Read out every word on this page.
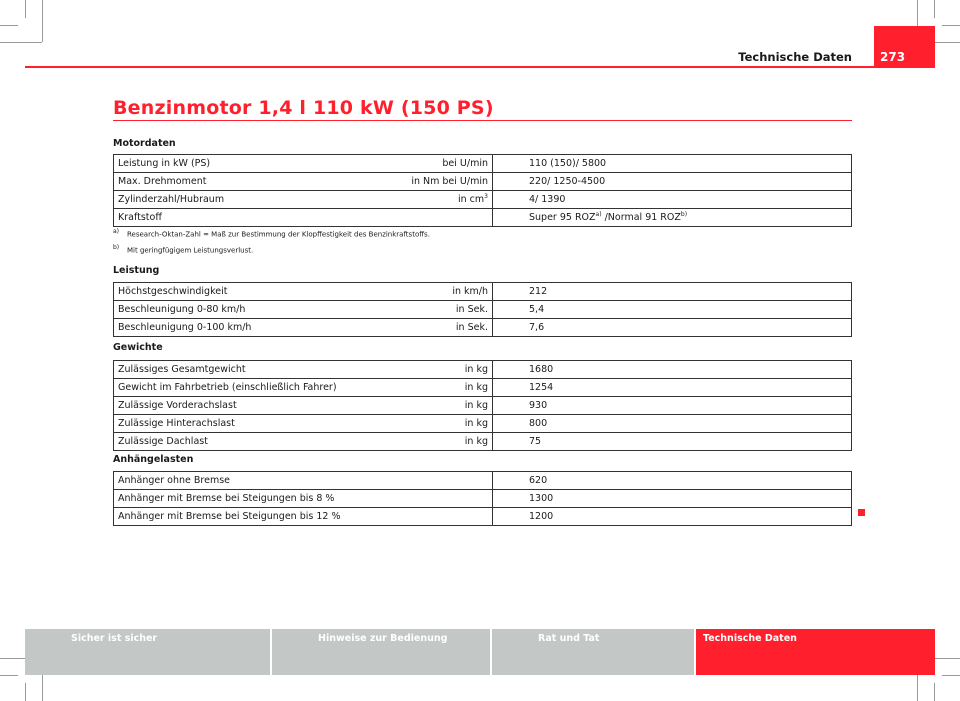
Technische Daten	273
Benzinmotor 1,4 l 110 kW (150 PS)
Motordaten
Leistung in kW (PS)	bei U/min	110 (150)/ 5800
Max. Drehmoment	in Nm bei U/min	220/ 1250-4500
Zylinderzahl/Hubraum	in $cm^3$	4/ 1390
Kraftstoff		Super 95 ROZ$^{a)}$ /Normal 91 ROZ$^{b)}$
a) Research-Oktan-Zahl = Maß zur Bestimmung der Klopffestigkeit des Benzinkraftstoffs.
b) Mit geringfügigem Leistungsverlust.
Leistung
Höchstgeschwindigkeit	in km/h	212
Beschleunigung 0-80 km/h	in Sek.	5,4
Beschleunigung 0-100 km/h	in Sek.	7,6
Gewichte
Zulässiges Gesamtgewicht	in kg	1680
Gewicht im Fahrbetrieb (einschließlich Fahrer)	in kg	1254
Zulässige Vorderachslast	in kg	930
Zulässige Hinterachslast	in kg	800
Zulässige Dachlast	in kg	75
Anhängelasten
Anhänger ohne Bremse	620
Anhänger mit Bremse bei Steigungen bis 8 %	1300
Anhänger mit Bremse bei Steigungen bis 12 %	1200
Sicher ist sicher	Hinweise zur Bedienung	Rat und Tat	Technische Daten
